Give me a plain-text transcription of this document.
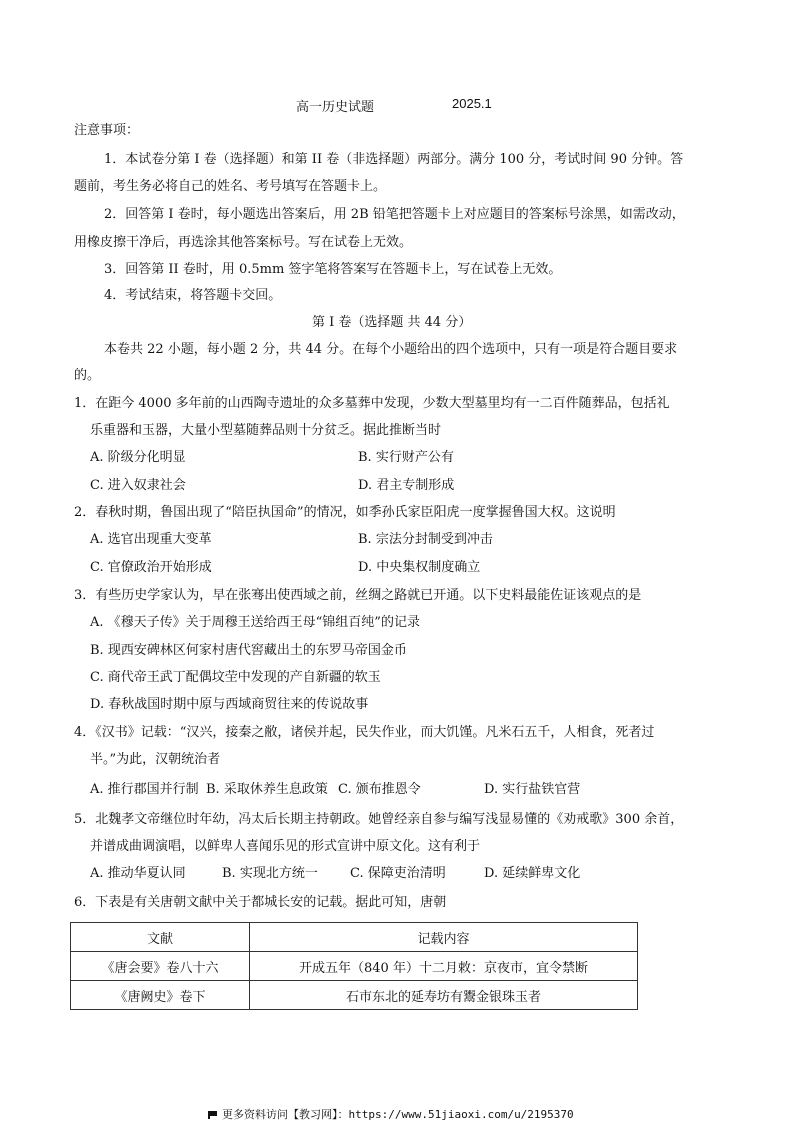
高一历史试题	2025.1
注意事项：
1．本试卷分第 I 卷（选择题）和第 II 卷（非选择题）两部分。满分 100 分，考试时间 90 分钟。答
题前，考生务必将自己的姓名、考号填写在答题卡上。
2．回答第 I 卷时，每小题选出答案后，用 2B 铅笔把答题卡上对应题目的答案标号涂黑，如需改动，
用橡皮擦干净后，再选涂其他答案标号。写在试卷上无效。
3．回答第 II 卷时，用 0.5mm 签字笔将答案写在答题卡上，写在试卷上无效。
4．考试结束，将答题卡交回。
第 I 卷（选择题 共 44 分）
本卷共 22 小题，每小题 2 分，共 44 分。在每个小题给出的四个选项中，只有一项是符合题目要求
的。
1．在距今 4000 多年前的山西陶寺遗址的众多墓葬中发现，少数大型墓里均有一二百件随葬品，包括礼
乐重器和玉器，大量小型墓随葬品则十分贫乏。据此推断当时
A. 阶级分化明显	B. 实行财产公有
C. 进入奴隶社会	D. 君主专制形成
2．春秋时期，鲁国出现了“陪臣执国命”的情况，如季孙氏家臣阳虎一度掌握鲁国大权。这说明
A. 选官出现重大变革	B. 宗法分封制受到冲击
C. 官僚政治开始形成	D. 中央集权制度确立
3．有些历史学家认为，早在张骞出使西域之前，丝绸之路就已开通。以下史料最能佐证该观点的是
A. 《穆天子传》关于周穆王送给西王母“锦组百纯”的记录
B. 现西安碑林区何家村唐代窖藏出土的东罗马帝国金币
C. 商代帝王武丁配偶坟茔中发现的产自新疆的软玉
D. 春秋战国时期中原与西域商贸往来的传说故事
4．《汉书》记载：“汉兴，接秦之敝，诸侯并起，民失作业，而大饥馑。凡米石五千，人相食，死者过
半。”为此，汉朝统治者
A. 推行郡国并行制 B. 采取休养生息政策 C. 颁布推恩令	D. 实行盐铁官营
5．北魏孝文帝继位时年幼，冯太后长期主持朝政。她曾经亲自参与编写浅显易懂的《劝戒歌》300 余首，
并谱成曲调演唱，以鲜卑人喜闻乐见的形式宣讲中原文化。这有利于
A. 推动华夏认同	B. 实现北方统一 C. 保障吏治清明	D. 延续鲜卑文化
6．下表是有关唐朝文献中关于都城长安的记载。据此可知，唐朝
文献	记载内容
《唐会要》卷八十六	开成五年（840 年）十二月敕：京夜市，宜令禁断
《唐阙史》卷下	石市东北的延寿坊有鬻金银珠玉者
更多资料访问【教习网】：https://www.51jiaoxi.com/u/2195370
